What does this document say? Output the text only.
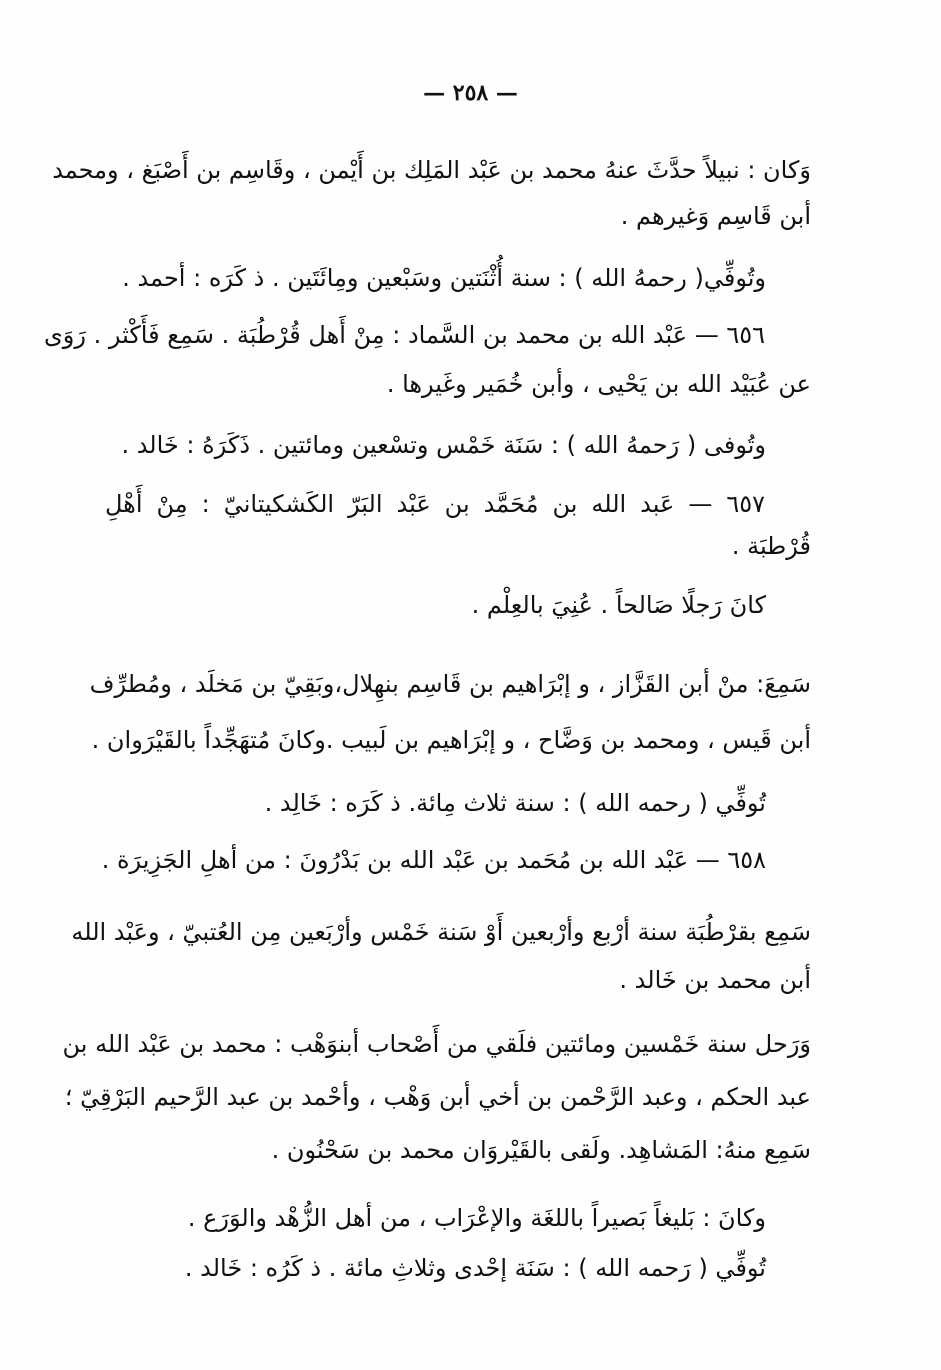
— ٢٥٨ —
وَكان : نبيلاً حدَّثَ عنهُ محمد بن عَبْد المَلِك بن أَيْمن ، وقَاسِم بن أَصْبَغ ، ومحمد
أبن قَاسِم وَغيرهم .
وتُوفِّي( رحمهُ الله ) : سنة أُثْنَتين وسَبْعين ومِائَتَين . ذ كَرَه : أحمد .
٦٥٦ — عَبْد الله بن محمد بن السَّماد : مِنْ أَهل قُرْطُبَة . سَمِع فَأَكْثر . رَوَى
عن عُبَيْد الله بن يَحْيى ، وأبن خُمَير وغَيرها .
وتُوفى ( رَحمهُ الله ) : سَنَة خَمْس وتسْعين ومائتين . ذَكَرَهُ : خَالد .
٦٥٧ — عَبد الله بن مُحَمَّد بن عَبْد البَرّ الكَشكيتانيّ : مِنْ أَهْلِ
قُرْطبَة .
كانَ رَجلًا صَالحاً . عُنِيَ بالعِلْم .
سَمِعَ: منْ أبن القَزَّاز ، و إبْرَاهيم بن قَاسِم بنهِلال،وبَقِيّ بن مَخلَد ، ومُطرِّف
أبن قَيس ، ومحمد بن وَضَّاح ، و إبْرَاهيم بن لَبيب .وكانَ مُتهَجِّداً بالقَيْرَوان .
تُوفِّي ( رحمه الله ) : سنة ثلاث مِائة. ذ كَرَه : خَالِد .
٦٥٨ — عَبْد الله بن مُحَمد بن عَبْد الله بن بَدْرُونَ : من أهلِ الجَزِيرَة .
سَمِع بقرْطُبَة سنة أرْبع وأرْبعين أَوْ سَنة خَمْس وأرْبَعين مِن العُتبيّ ، وعَبْد الله
أبن محمد بن خَالد .
وَرَحل سنة خَمْسين ومائتين فلَقي من أَصْحاب أبنوَهْب : محمد بن عَبْد الله بن
عبد الحكم ، وعبد الرَّحْمن بن أخي أبن وَهْب ، وأحْمد بن عبد الرَّحيم البَرْقِيّ ؛
سَمِع منهُ: المَشاهِد. ولَقى بالقَيْروَان محمد بن سَحْنُون .
وكانَ : بَليغاً بَصيراً باللغَة والإعْرَاب ، من أهل الزُّهْد والوَرَع .
تُوفِّي ( رَحمه الله ) : سَنَة إحْدى وثلاثِ مائة . ذ كَرُه : خَالد .
